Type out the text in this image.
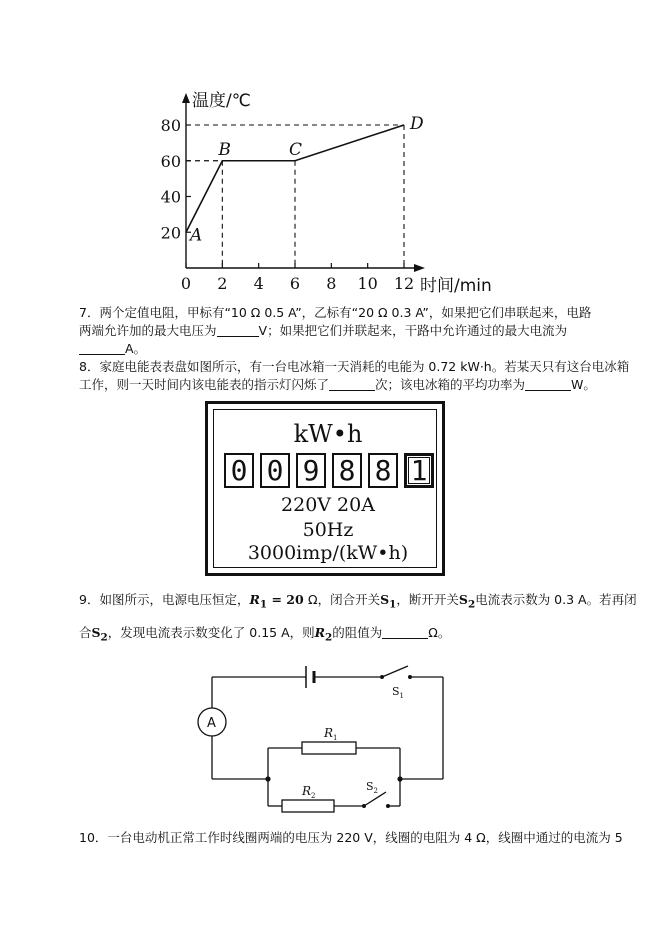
温度/℃
时间/min
20
40
60
80
0 2 4 6 8 10 12
A
B	C
D
7．两个定值电阻，甲标有“10 Ω 0.5 A”，乙标有“20 Ω 0.3 A”，如果把它们串联起来，电路
两端允许加的最大电压为	V；如果把它们并联起来，干路中允许通过的最大电流为
A。
8．家庭电能表表盘如图所示，有一台电冰箱一天消耗的电能为 0.72 kW·h。若某天只有这台电冰箱
工作，则一天时间内该电能表的指示灯闪烁了	次；该电冰箱的平均功率为	W。
kW•h
0 0 9 8 8 1
220V 20A
50Hz
3000imp/(kW•h)
9．如图所示，电源电压恒定，$R_1 = 20$ Ω，闭合开关$S_1$，断开开关$S_2$电流表示数为 0.3 A。若再闭
合$S_2$，发现电流表示数变化了 0.15 A，则$R_2$的阻值为	Ω。
A
$S_1$
$S_2$
$R_1$
$R_2$
10．一台电动机正常工作时线圈两端的电压为 220 V，线圈的电阻为 4 Ω，线圈中通过的电流为 5
